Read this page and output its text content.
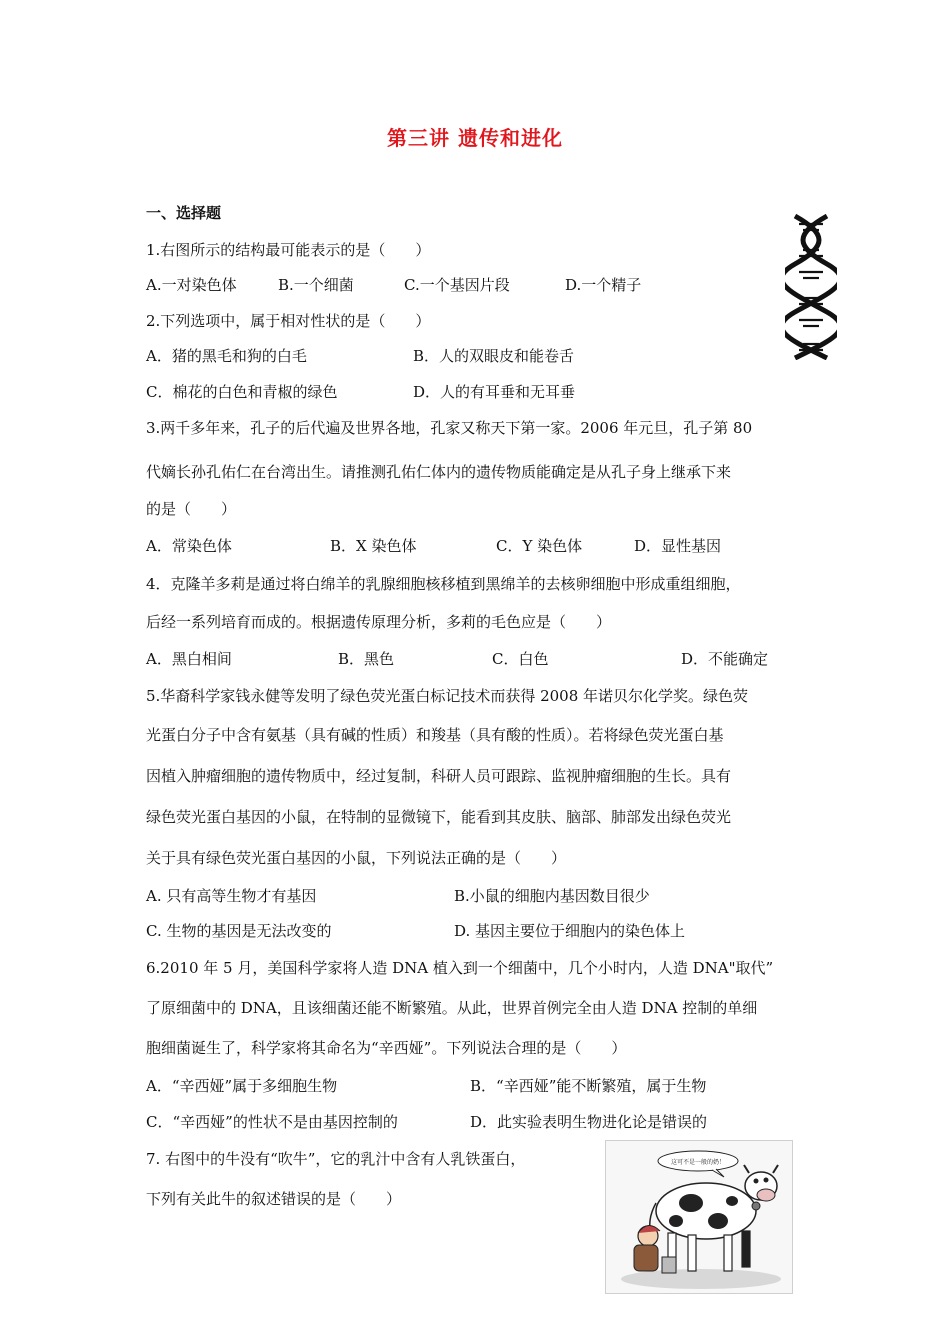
第三讲 遗传和进化
一、选择题
1.右图所示的结构最可能表示的是（　　）
A.一对染色体	B.一个细菌	C.一个基因片段	D.一个精子
2.下列选项中，属于相对性状的是（　　）
A．猪的黑毛和狗的白毛	B．人的双眼皮和能卷舌
C．棉花的白色和青椒的绿色	D．人的有耳垂和无耳垂
3.两千多年来，孔子的后代遍及世界各地，孔家又称天下第一家。2006 年元旦，孔子第 80
代嫡长孙孔佑仁在台湾出生。请推测孔佑仁体内的遗传物质能确定是从孔子身上继承下来
的是（　　）
A．常染色体	B．X 染色体	C．Y 染色体	D．显性基因
4．克隆羊多莉是通过将白绵羊的乳腺细胞核移植到黑绵羊的去核卵细胞中形成重组细胞，
后经一系列培育而成的。根据遗传原理分析，多莉的毛色应是（　　）
A．黑白相间	B．黑色	C．白色	D．不能确定
5.华裔科学家钱永健等发明了绿色荧光蛋白标记技术而获得 2008 年诺贝尔化学奖。绿色荧
光蛋白分子中含有氨基（具有碱的性质）和羧基（具有酸的性质）。若将绿色荧光蛋白基
因植入肿瘤细胞的遗传物质中，经过复制，科研人员可跟踪、监视肿瘤细胞的生长。具有
绿色荧光蛋白基因的小鼠，在特制的显微镜下，能看到其皮肤、脑部、肺部发出绿色荧光
关于具有绿色荧光蛋白基因的小鼠，下列说法正确的是（　　）
A. 只有高等生物才有基因	B.小鼠的细胞内基因数目很少
C. 生物的基因是无法改变的	D. 基因主要位于细胞内的染色体上
6.2010 年 5 月，美国科学家将人造 DNA 植入到一个细菌中，几个小时内，人造 DNA"取代”
了原细菌中的 DNA，且该细菌还能不断繁殖。从此，世界首例完全由人造 DNA 控制的单细
胞细菌诞生了，科学家将其命名为“辛西娅”。下列说法合理的是（　　）
A．“辛西娅”属于多细胞生物	B．“辛西娅”能不断繁殖，属于生物
C．“辛西娅”的性状不是由基因控制的	D．此实验表明生物进化论是错误的
7. 右图中的牛没有“吹牛”，它的乳汁中含有人乳铁蛋白，
下列有关此牛的叙述错误的是（　　）
这可不是一般的奶！
